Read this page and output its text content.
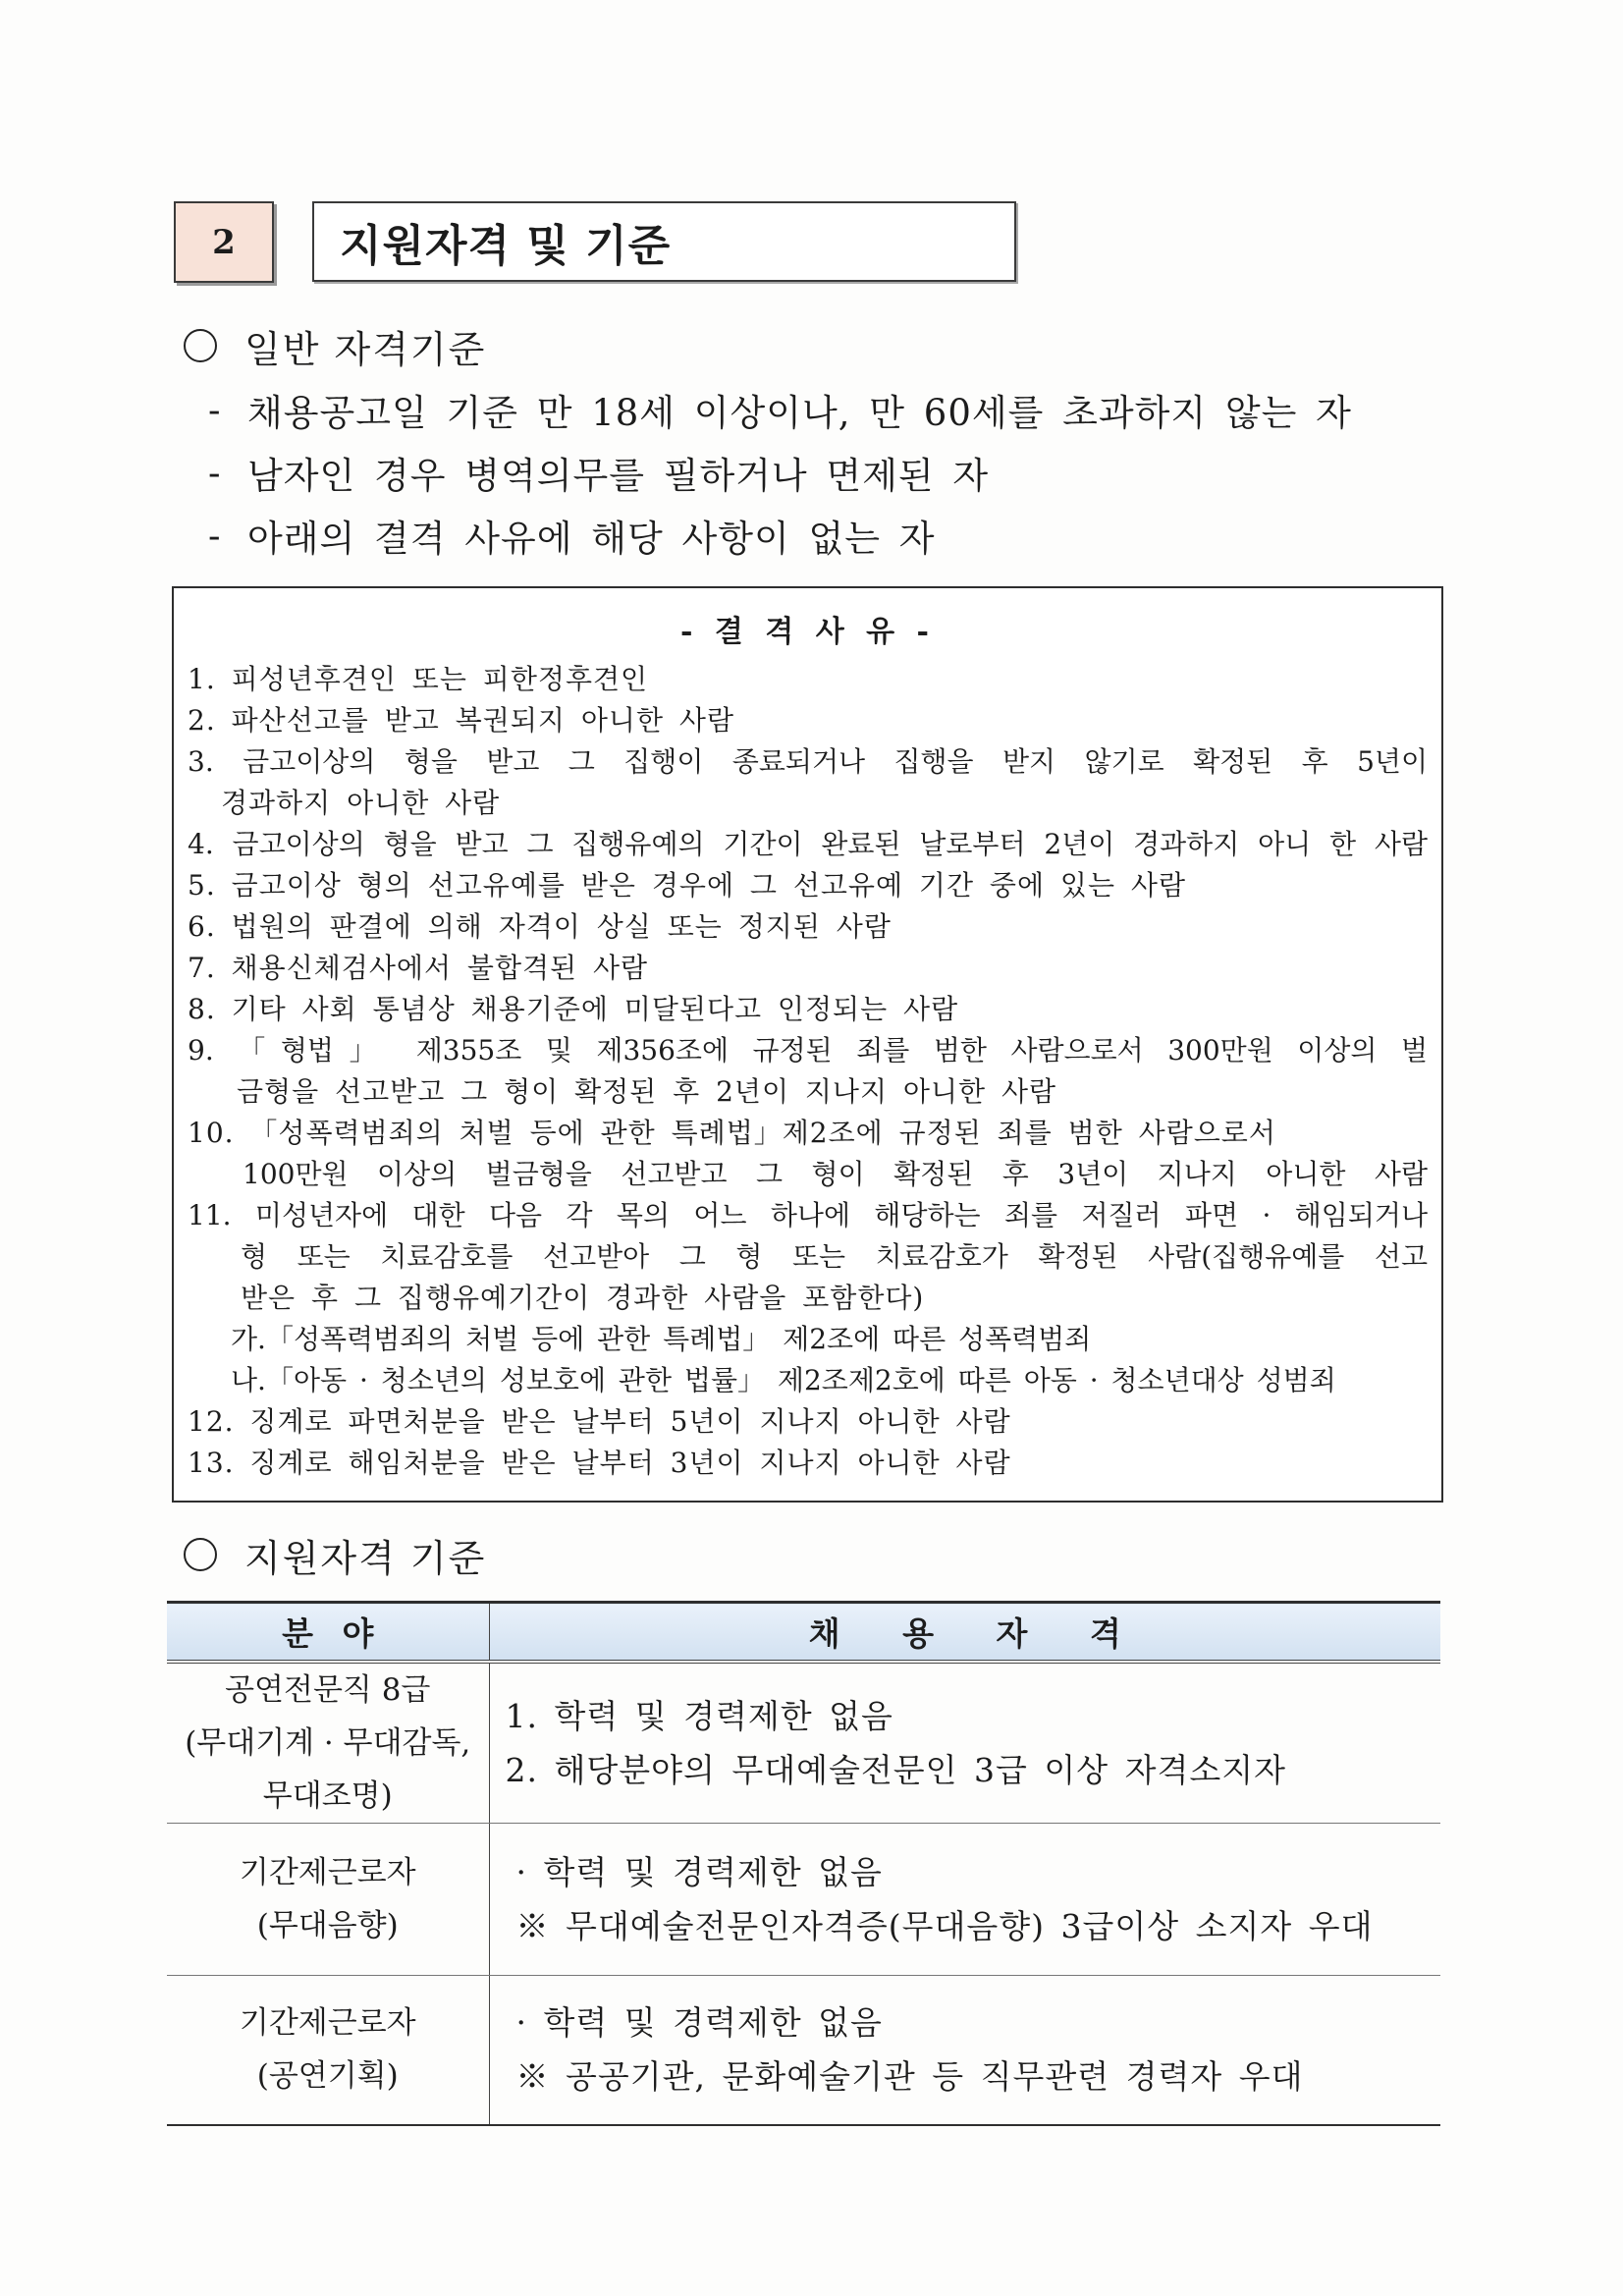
2	지원자격 및 기준
일반 자격기준
- 채용공고일 기준 만 18세 이상이나, 만 60세를 초과하지 않는 자
- 남자인 경우 병역의무를 필하거나 면제된 자
- 아래의 결격 사유에 해당 사항이 없는 자
- 결 격 사 유 -
1. 피성년후견인 또는 피한정후견인
2. 파산선고를 받고 복권되지 아니한 사람
3. 금고이상의 형을 받고 그 집행이 종료되거나 집행을 받지 않기로 확정된 후 5년이
경과하지 아니한 사람
4. 금고이상의 형을 받고 그 집행유예의 기간이 완료된 날로부터 2년이 경과하지 아니 한 사람
5. 금고이상 형의 선고유예를 받은 경우에 그 선고유예 기간 중에 있는 사람
6. 법원의 판결에 의해 자격이 상실 또는 정지된 사람
7. 채용신체검사에서 불합격된 사람
8. 기타 사회 통념상 채용기준에 미달된다고 인정되는 사람
9. 「형법」 제355조 및 제356조에 규정된 죄를 범한 사람으로서 300만원 이상의 벌
금형을 선고받고 그 형이 확정된 후 2년이 지나지 아니한 사람
10. 「성폭력범죄의 처벌 등에 관한 특례법」제2조에 규정된 죄를 범한 사람으로서
100만원 이상의 벌금형을 선고받고 그 형이 확정된 후 3년이 지나지 아니한 사람
11. 미성년자에 대한 다음 각 목의 어느 하나에 해당하는 죄를 저질러 파면 · 해임되거나
형 또는 치료감호를 선고받아 그 형 또는 치료감호가 확정된 사람(집행유예를 선고
받은 후 그 집행유예기간이 경과한 사람을 포함한다)
가.「성폭력범죄의 처벌 등에 관한 특례법」 제2조에 따른 성폭력범죄
나.「아동 · 청소년의 성보호에 관한 법률」 제2조제2호에 따른 아동 · 청소년대상 성범죄
12. 징계로 파면처분을 받은 날부터 5년이 지나지 아니한 사람
13. 징계로 해임처분을 받은 날부터 3년이 지나지 아니한 사람
지원자격 기준
분 야	채 용 자 격

공연전문직 8급
(무대기계 · 무대감독,
무대조명)	1. 학력 및 경력제한 없음
2. 해당분야의 무대예술전문인 3급 이상 자격소지자

기간제근로자
(무대음향)	· 학력 및 경력제한 없음
※ 무대예술전문인자격증(무대음향) 3급이상 소지자 우대

기간제근로자
(공연기획)	· 학력 및 경력제한 없음
※ 공공기관, 문화예술기관 등 직무관련 경력자 우대
